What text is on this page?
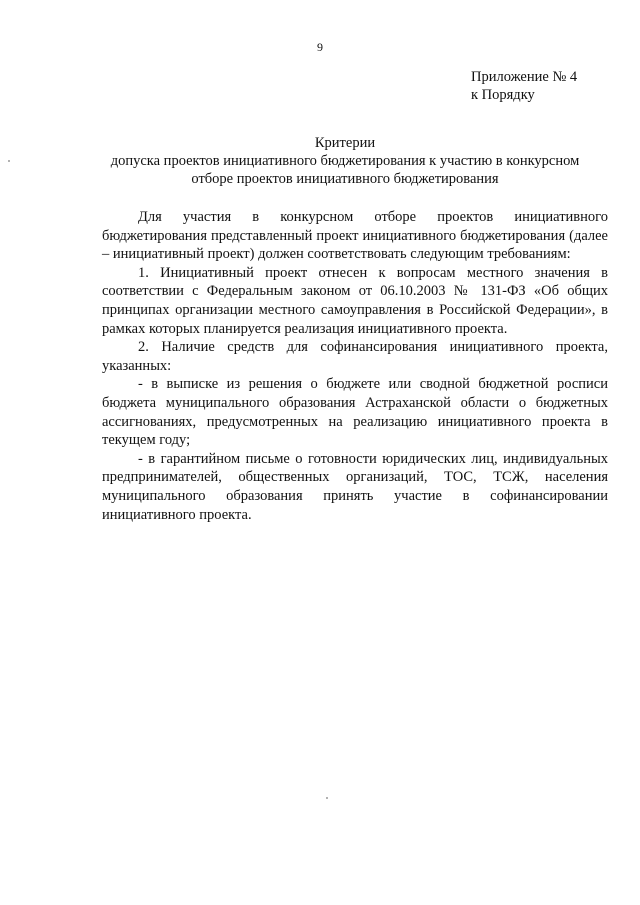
9
Приложение № 4
к Порядку
Критерии
допуска проектов инициативного бюджетирования к участию в конкурсном
отборе проектов инициативного бюджетирования

Для участия в конкурсном отборе проектов инициативного бюджетирования представленный проект инициативного бюджетирования (далее – инициативный проект) должен соответствовать следующим требованиям:

1. Инициативный проект отнесен к вопросам местного значения в соответствии с Федеральным законом от 06.10.2003 № 131-ФЗ «Об общих принципах организации местного самоуправления в Российской Федерации», в рамках которых планируется реализация инициативного проекта.

2. Наличие средств для софинансирования инициативного проекта, указанных:

- в выписке из решения о бюджете или сводной бюджетной росписи бюджета муниципального образования Астраханской области о бюджетных ассигнованиях, предусмотренных на реализацию инициативного проекта в текущем году;

- в гарантийном письме о готовности юридических лиц, индивидуальных предпринимателей, общественных организаций, ТОС, ТСЖ, населения муниципального образования принять участие в софинансировании инициативного проекта.
